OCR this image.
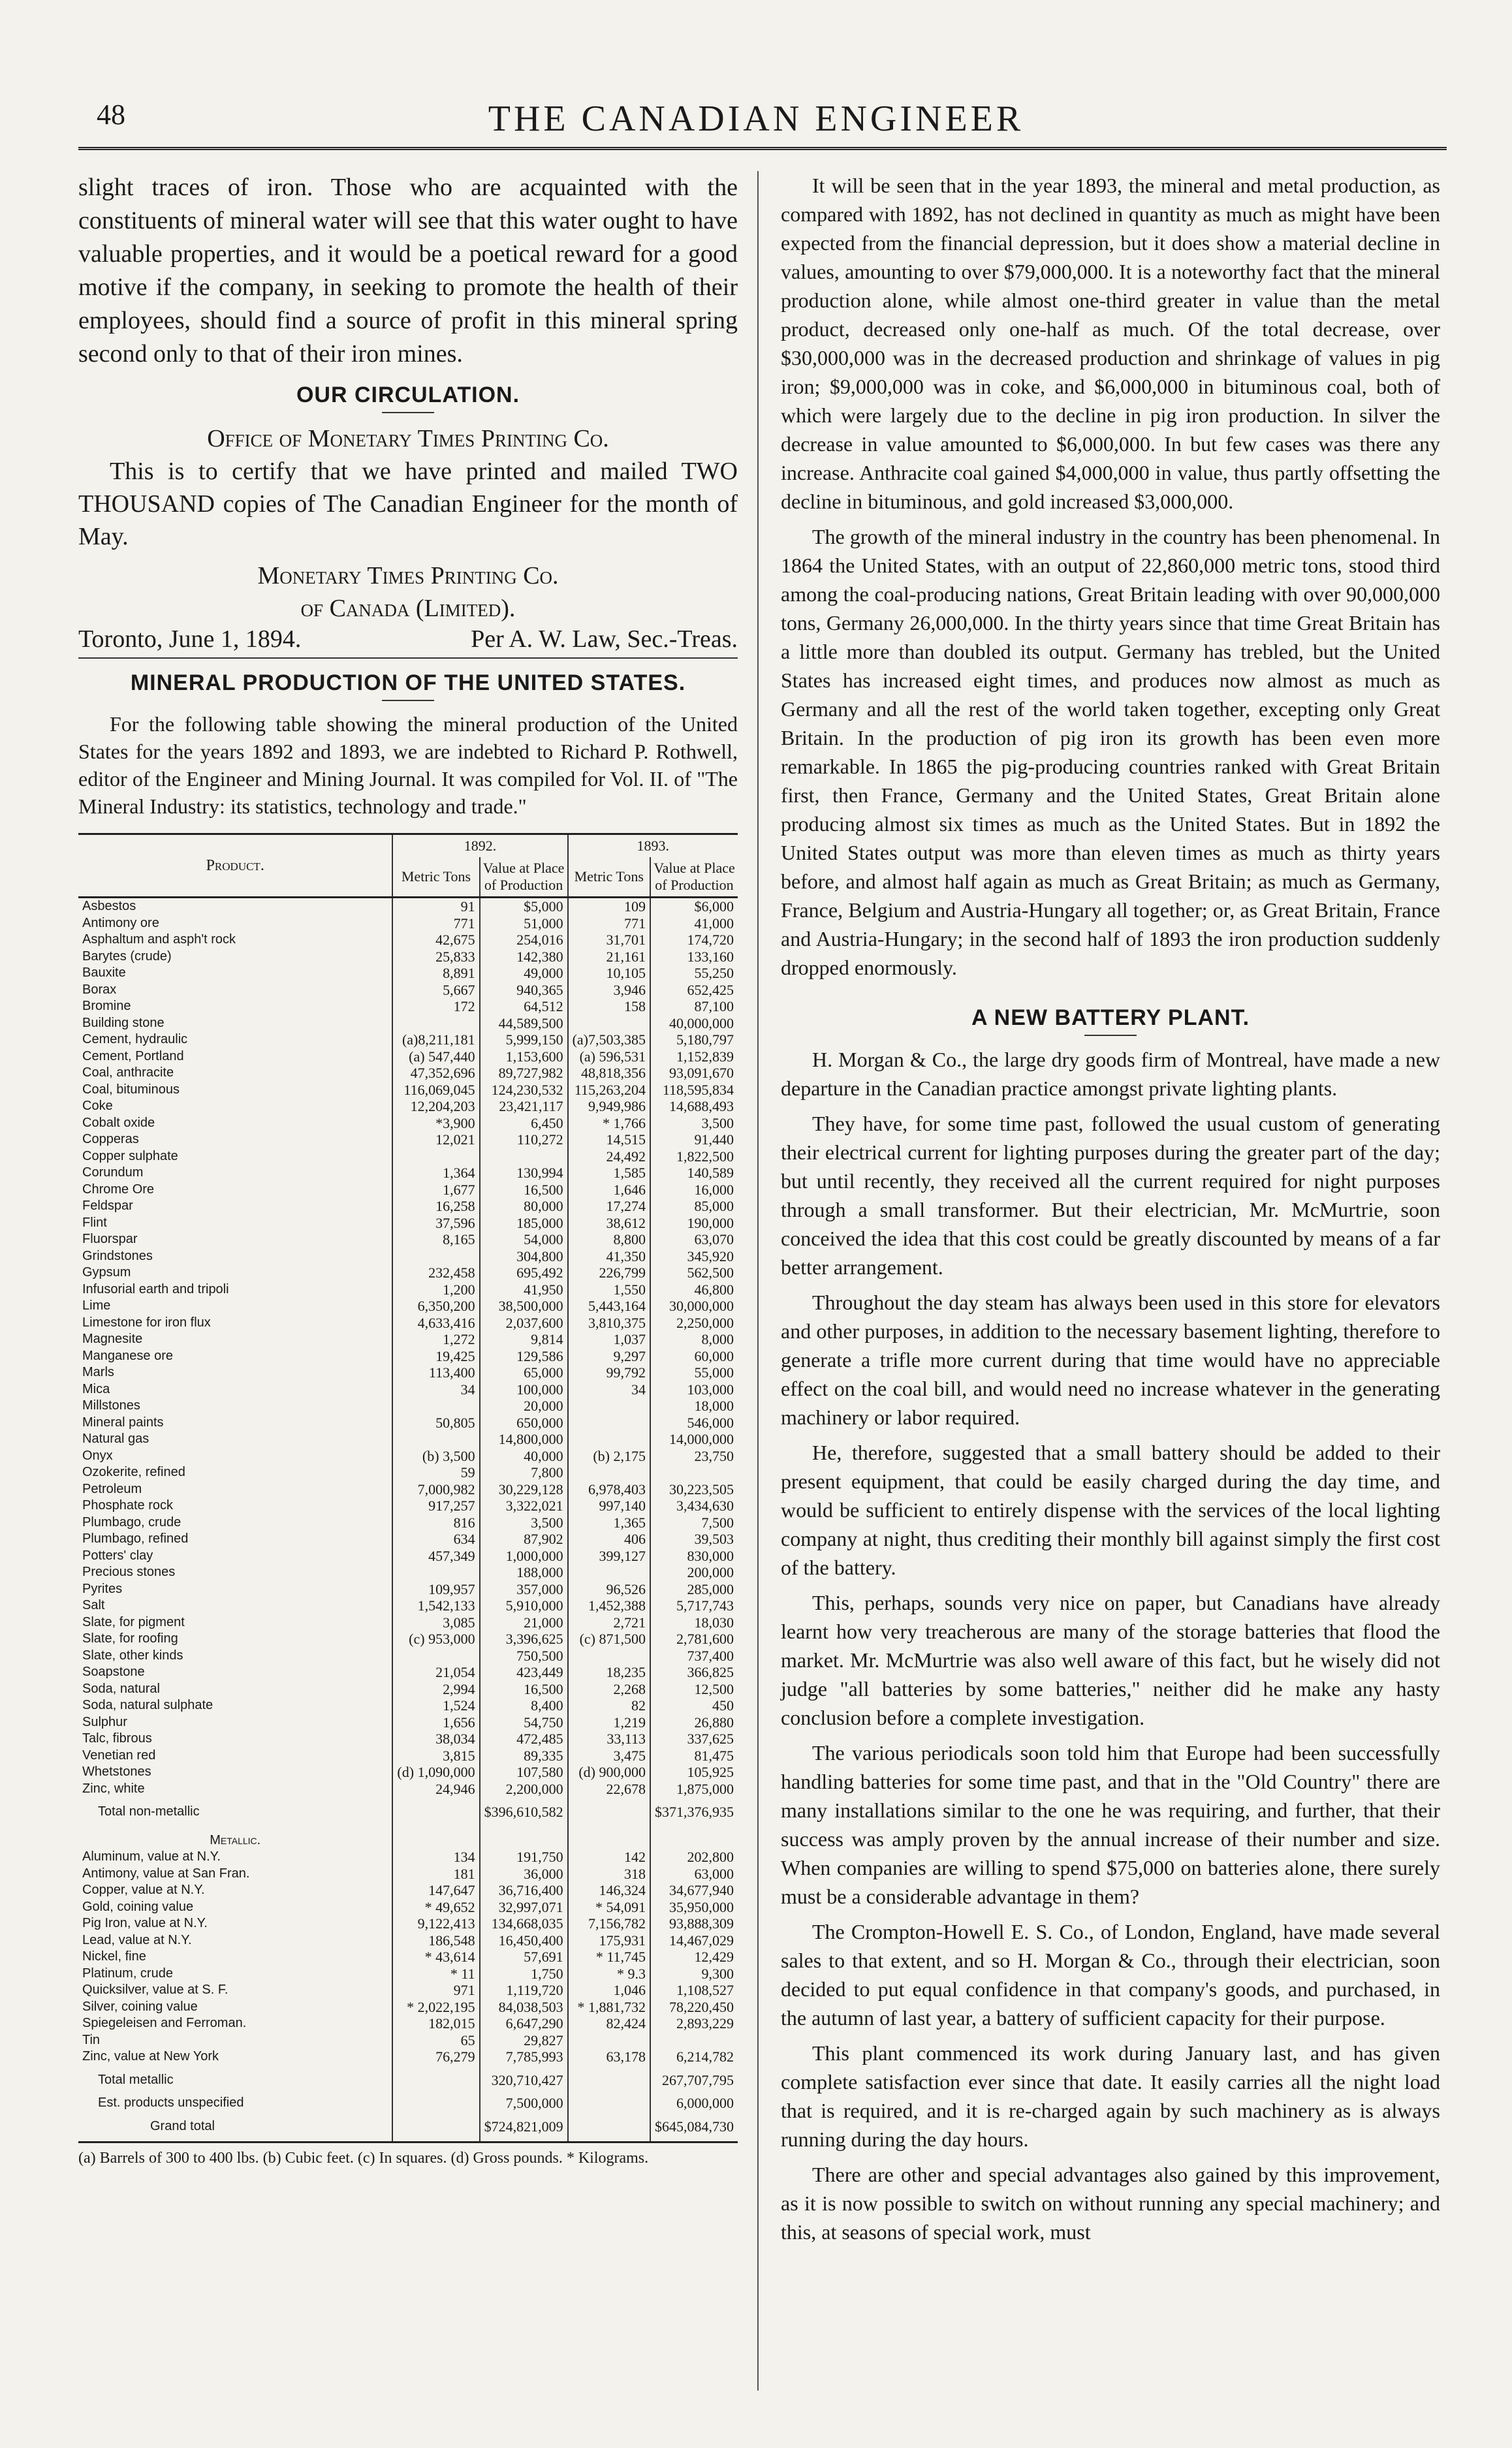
48	THE CANADIAN ENGINEER

slight traces of iron. Those who are acquainted with the constituents of mineral water will see that this water ought to have valuable properties, and it would be a poetical reward for a good motive if the company, in seeking to promote the health of their employees, should find a source of profit in this mineral spring second only to that of their iron mines.

OUR CIRCULATION.
Office of Monetary Times Printing Co.

This is to certify that we have printed and mailed TWO THOUSAND copies of The Canadian Engineer for the month of May.

Monetary Times Printing Co.
of Canada (Limited).
Toronto, June 1, 1894.	Per A. W. Law, Sec.-Treas.
MINERAL PRODUCTION OF THE UNITED STATES.

For the following table showing the mineral production of the United States for the years 1892 and 1893, we are indebted to Richard P. Rothwell, editor of the Engineer and Mining Journal. It was compiled for Vol. II. of "The Mineral Industry: its statistics, technology and trade."

Product.	1892.		1893.	
	Metric Tons	Value at Place of Production	Metric Tons	Value at Place of Production
Asbestos	91	$5,000	109	$6,000
Antimony ore	771	51,000	771	41,000
Asphaltum and asph't rock	42,675	254,016	31,701	174,720
Barytes (crude)	25,833	142,380	21,161	133,160
Bauxite	8,891	49,000	10,105	55,250
Borax	5,667	940,365	3,946	652,425
Bromine	172	64,512	158	87,100
Building stone		44,589,500		40,000,000
Cement, hydraulic	(a)8,211,181	5,999,150	(a)7,503,385	5,180,797
Cement, Portland	(a) 547,440	1,153,600	(a) 596,531	1,152,839
Coal, anthracite	47,352,696	89,727,982	48,818,356	93,091,670
Coal, bituminous	116,069,045	124,230,532	115,263,204	118,595,834
Coke	12,204,203	23,421,117	9,949,986	14,688,493
Cobalt oxide	*3,900	6,450	* 1,766	3,500
Copperas	12,021	110,272	14,515	91,440
Copper sulphate			24,492	1,822,500
Corundum	1,364	130,994	1,585	140,589
Chrome Ore	1,677	16,500	1,646	16,000
Feldspar	16,258	80,000	17,274	85,000
Flint	37,596	185,000	38,612	190,000
Fluorspar	8,165	54,000	8,800	63,070
Grindstones		304,800	41,350	345,920
Gypsum	232,458	695,492	226,799	562,500
Infusorial earth and tripoli	1,200	41,950	1,550	46,800
Lime	6,350,200	38,500,000	5,443,164	30,000,000
Limestone for iron flux	4,633,416	2,037,600	3,810,375	2,250,000
Magnesite	1,272	9,814	1,037	8,000
Manganese ore	19,425	129,586	9,297	60,000
Marls	113,400	65,000	99,792	55,000
Mica	34	100,000	34	103,000
Millstones		20,000		18,000
Mineral paints	50,805	650,000		546,000
Natural gas		14,800,000		14,000,000
Onyx	(b) 3,500	40,000	(b) 2,175	23,750
Ozokerite, refined	59	7,800		
Petroleum	7,000,982	30,229,128	6,978,403	30,223,505
Phosphate rock	917,257	3,322,021	997,140	3,434,630
Plumbago, crude	816	3,500	1,365	7,500
Plumbago, refined	634	87,902	406	39,503
Potters' clay	457,349	1,000,000	399,127	830,000
Precious stones		188,000		200,000
Pyrites	109,957	357,000	96,526	285,000
Salt	1,542,133	5,910,000	1,452,388	5,717,743
Slate, for pigment	3,085	21,000	2,721	18,030
Slate, for roofing	(c) 953,000	3,396,625	(c) 871,500	2,781,600
Slate, other kinds		750,500		737,400
Soapstone	21,054	423,449	18,235	366,825
Soda, natural	2,994	16,500	2,268	12,500
Soda, natural sulphate	1,524	8,400	82	450
Sulphur	1,656	54,750	1,219	26,880
Talc, fibrous	38,034	472,485	33,113	337,625
Venetian red	3,815	89,335	3,475	81,475
Whetstones	(d) 1,090,000	107,580	(d) 900,000	105,925
Zinc, white	24,946	2,200,000	22,678	1,875,000
Total non-metallic		$396,610,582		$371,376,935
Metallic.				
Aluminum, value at N.Y.	134	191,750	142	202,800
Antimony, value at San Fran.	181	36,000	318	63,000
Copper, value at N.Y.	147,647	36,716,400	146,324	34,677,940
Gold, coining value	* 49,652	32,997,071	* 54,091	35,950,000
Pig Iron, value at N.Y.	9,122,413	134,668,035	7,156,782	93,888,309
Lead, value at N.Y.	186,548	16,450,400	175,931	14,467,029
Nickel, fine	* 43,614	57,691	* 11,745	12,429
Platinum, crude	* 11	1,750	* 9.3	9,300
Quicksilver, value at S. F.	971	1,119,720	1,046	1,108,527
Silver, coining value	* 2,022,195	84,038,503	* 1,881,732	78,220,450
Spiegeleisen and Ferroman.	182,015	6,647,290	82,424	2,893,229
Tin	65	29,827		
Zinc, value at New York	76,279	7,785,993	63,178	6,214,782
Total metallic		320,710,427		267,707,795
Est. products unspecified		7,500,000		6,000,000
Grand total		$724,821,009		$645,084,730
(a) Barrels of 300 to 400 lbs. (b) Cubic feet. (c) In squares. (d) Gross pounds. * Kilograms.

It will be seen that in the year 1893, the mineral and metal production, as compared with 1892, has not declined in quantity as much as might have been expected from the financial depression, but it does show a material decline in values, amounting to over $79,000,000. It is a noteworthy fact that the mineral production alone, while almost one-third greater in value than the metal product, decreased only one-half as much. Of the total decrease, over $30,000,000 was in the decreased production and shrinkage of values in pig iron; $9,000,000 was in coke, and $6,000,000 in bituminous coal, both of which were largely due to the decline in pig iron production. In silver the decrease in value amounted to $6,000,000. In but few cases was there any increase. Anthracite coal gained $4,000,000 in value, thus partly offsetting the decline in bituminous, and gold increased $3,000,000.

The growth of the mineral industry in the country has been phenomenal. In 1864 the United States, with an output of 22,860,000 metric tons, stood third among the coal-producing nations, Great Britain leading with over 90,000,000 tons, Germany 26,000,000. In the thirty years since that time Great Britain has a little more than doubled its output. Germany has trebled, but the United States has increased eight times, and produces now almost as much as Germany and all the rest of the world taken together, excepting only Great Britain. In the production of pig iron its growth has been even more remarkable. In 1865 the pig-producing countries ranked with Great Britain first, then France, Germany and the United States, Great Britain alone producing almost six times as much as the United States. But in 1892 the United States output was more than eleven times as much as thirty years before, and almost half again as much as Great Britain; as much as Germany, France, Belgium and Austria-Hungary all together; or, as Great Britain, France and Austria-Hungary; in the second half of 1893 the iron production suddenly dropped enormously.

A NEW BATTERY PLANT.

H. Morgan & Co., the large dry goods firm of Montreal, have made a new departure in the Canadian practice amongst private lighting plants.

They have, for some time past, followed the usual custom of generating their electrical current for lighting purposes during the greater part of the day; but until recently, they received all the current required for night purposes through a small transformer. But their electrician, Mr. McMurtrie, soon conceived the idea that this cost could be greatly discounted by means of a far better arrangement.

Throughout the day steam has always been used in this store for elevators and other purposes, in addition to the necessary basement lighting, therefore to generate a trifle more current during that time would have no appreciable effect on the coal bill, and would need no increase whatever in the generating machinery or labor required.

He, therefore, suggested that a small battery should be added to their present equipment, that could be easily charged during the day time, and would be sufficient to entirely dispense with the services of the local lighting company at night, thus crediting their monthly bill against simply the first cost of the battery.

This, perhaps, sounds very nice on paper, but Canadians have already learnt how very treacherous are many of the storage batteries that flood the market. Mr. McMurtrie was also well aware of this fact, but he wisely did not judge "all batteries by some batteries," neither did he make any hasty conclusion before a complete investigation.

The various periodicals soon told him that Europe had been successfully handling batteries for some time past, and that in the "Old Country" there are many installations similar to the one he was requiring, and further, that their success was amply proven by the annual increase of their number and size. When companies are willing to spend $75,000 on batteries alone, there surely must be a considerable advantage in them?

The Crompton-Howell E. S. Co., of London, England, have made several sales to that extent, and so H. Morgan & Co., through their electrician, soon decided to put equal confidence in that company's goods, and purchased, in the autumn of last year, a battery of sufficient capacity for their purpose.

This plant commenced its work during January last, and has given complete satisfaction ever since that date. It easily carries all the night load that is required, and it is re-charged again by such machinery as is always running during the day hours.

There are other and special advantages also gained by this improvement, as it is now possible to switch on without running any special machinery; and this, at seasons of special work, must
